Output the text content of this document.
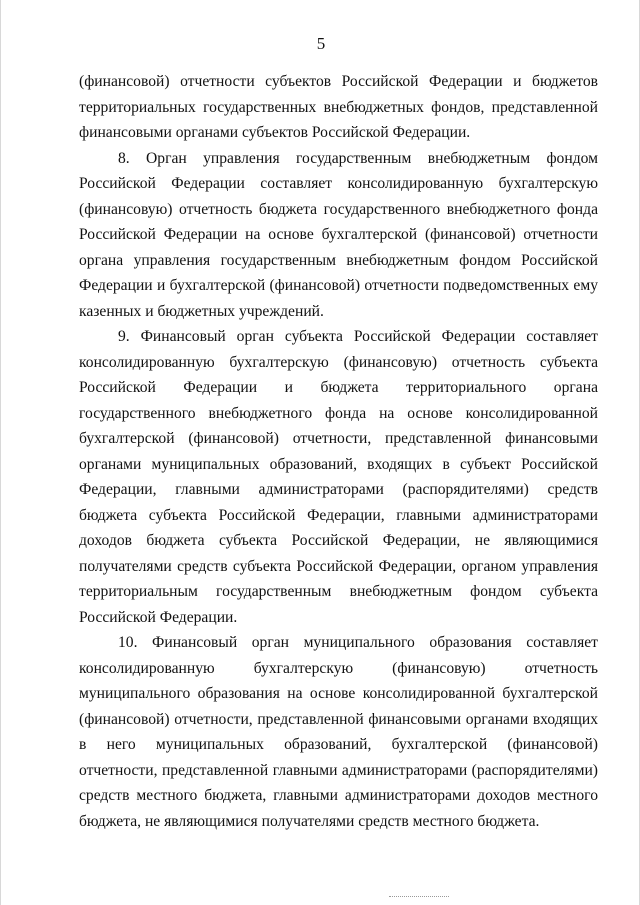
5

(финансовой) отчетности субъектов Российской Федерации и бюджетов территориальных государственных внебюджетных фондов, представленной финансовыми органами субъектов Российской Федерации.

8. Орган управления государственным внебюджетным фондом Российской Федерации составляет консолидированную бухгалтерскую (финансовую) отчетность бюджета государственного внебюджетного фонда Российской Федерации на основе бухгалтерской (финансовой) отчетности органа управления государственным внебюджетным фондом Российской Федерации и бухгалтерской (финансовой) отчетности подведомственных ему казенных и бюджетных учреждений.

9. Финансовый орган субъекта Российской Федерации составляет консолидированную бухгалтерскую (финансовую) отчетность субъекта Российской Федерации и бюджета территориального органа государственного внебюджетного фонда на основе консолидированной бухгалтерской (финансовой) отчетности, представленной финансовыми органами муниципальных образований, входящих в субъект Российской Федерации, главными администраторами (распорядителями) средств бюджета субъекта Российской Федерации, главными администраторами доходов бюджета субъекта Российской Федерации, не являющимися получателями средств субъекта Российской Федерации, органом управления территориальным государственным внебюджетным фондом субъекта Российской Федерации.

10. Финансовый орган муниципального образования составляет консолидированную бухгалтерскую (финансовую) отчетность муниципального образования на основе консолидированной бухгалтерской (финансовой) отчетности, представленной финансовыми органами входящих в него муниципальных образований, бухгалтерской (финансовой) отчетности, представленной главными администраторами (распорядителями) средств местного бюджета, главными администраторами доходов местного бюджета, не являющимися получателями средств местного бюджета.
